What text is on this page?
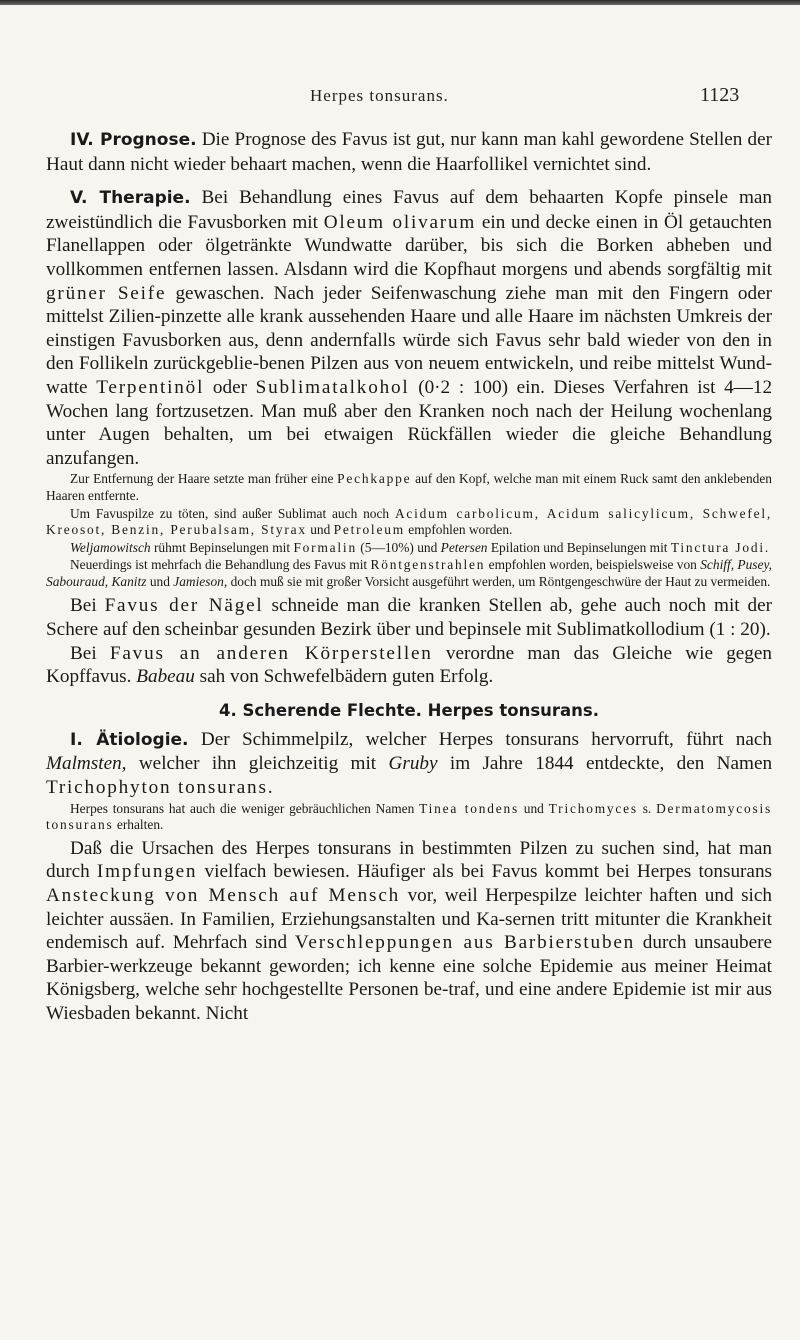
Herpes tonsurans.	1123

IV. Prognose. Die Prognose des Favus ist gut, nur kann man kahl gewordene Stellen der Haut dann nicht wieder behaart machen, wenn die Haarfollikel vernichtet sind.

V. Therapie. Bei Behandlung eines Favus auf dem behaarten Kopfe pinsele man zweistündlich die Favusborken mit Oleum olivarum ein und decke einen in Öl getauchten Flanellappen oder ölgetränkte Wundwatte darüber, bis sich die Borken abheben und vollkommen entfernen lassen. Alsdann wird die Kopfhaut morgens und abends sorgfältig mit grüner Seife gewaschen. Nach jeder Seifenwaschung ziehe man mit den Fingern oder mittelst Zilien-pinzette alle krank aussehenden Haare und alle Haare im nächsten Umkreis der einstigen Favusborken aus, denn andernfalls würde sich Favus sehr bald wieder von den in den Follikeln zurückgeblie-benen Pilzen aus von neuem entwickeln, und reibe mittelst Wund-watte Terpentinöl oder Sublimatalkohol (0·2 : 100) ein. Dieses Verfahren ist 4—12 Wochen lang fortzusetzen. Man muß aber den Kranken noch nach der Heilung wochenlang unter Augen behalten, um bei etwaigen Rückfällen wieder die gleiche Behandlung anzufangen.

Zur Entfernung der Haare setzte man früher eine Pechkappe auf den Kopf, welche man mit einem Ruck samt den anklebenden Haaren entfernte.

Um Favuspilze zu töten, sind außer Sublimat auch noch Acidum carbolicum, Acidum salicylicum, Schwefel, Kreosot, Benzin, Perubalsam, Styrax und Petroleum empfohlen worden.

Weljamowitsch rühmt Bepinselungen mit Formalin (5—10%) und Petersen Epilation und Bepinselungen mit Tinctura Jodi.

Neuerdings ist mehrfach die Behandlung des Favus mit Röntgenstrahlen empfohlen worden, beispielsweise von Schiff, Pusey, Sabouraud, Kanitz und Jamieson, doch muß sie mit großer Vorsicht ausgeführt werden, um Röntgengeschwüre der Haut zu vermeiden.

Bei Favus der Nägel schneide man die kranken Stellen ab, gehe auch noch mit der Schere auf den scheinbar gesunden Bezirk über und bepinsele mit Sublimatkollodium (1 : 20).

Bei Favus an anderen Körperstellen verordne man das Gleiche wie gegen Kopffavus. Babeau sah von Schwefelbädern guten Erfolg.

4. Scherende Flechte. Herpes tonsurans.

I. Ätiologie. Der Schimmelpilz, welcher Herpes tonsurans hervorruft, führt nach Malmsten, welcher ihn gleichzeitig mit Gruby im Jahre 1844 entdeckte, den Namen Trichophyton tonsurans.

Herpes tonsurans hat auch die weniger gebräuchlichen Namen Tinea tondens und Trichomyces s. Dermatomycosis tonsurans erhalten.

Daß die Ursachen des Herpes tonsurans in bestimmten Pilzen zu suchen sind, hat man durch Impfungen vielfach bewiesen. Häufiger als bei Favus kommt bei Herpes tonsurans Ansteckung von Mensch auf Mensch vor, weil Herpespilze leichter haften und sich leichter aussäen. In Familien, Erziehungsanstalten und Ka-sernen tritt mitunter die Krankheit endemisch auf. Mehrfach sind Verschleppungen aus Barbierstuben durch unsaubere Barbier-werkzeuge bekannt geworden; ich kenne eine solche Epidemie aus meiner Heimat Königsberg, welche sehr hochgestellte Personen be-traf, und eine andere Epidemie ist mir aus Wiesbaden bekannt. Nicht
